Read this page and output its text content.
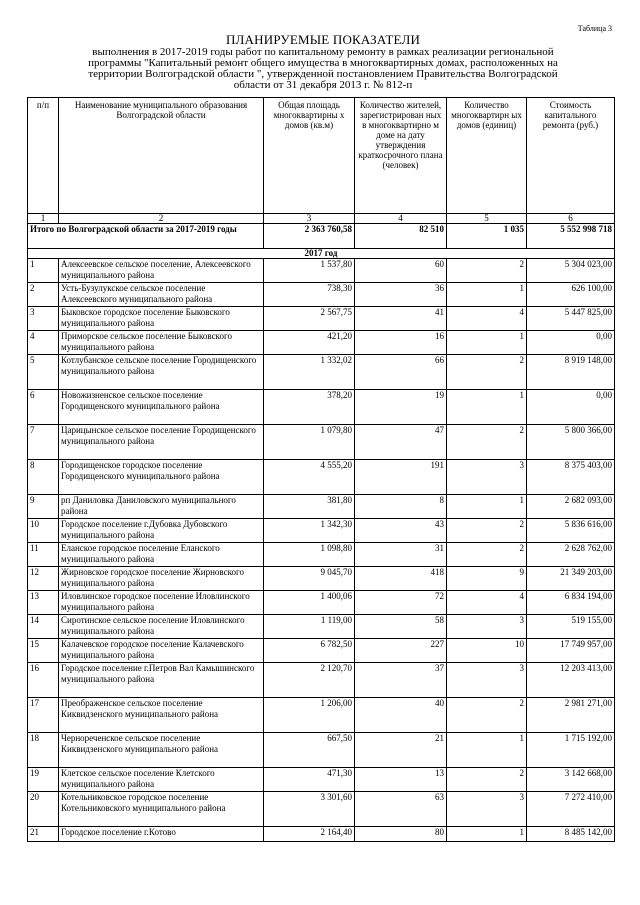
Таблица 3
ПЛАНИРУЕМЫЕ ПОКАЗАТЕЛИ
выполнения в 2017-2019 годы работ по капитальному ремонту в рамках реализации региональной
программы "Капитальный ремонт общего имущества в многоквартирных домах, расположенных на
территории Волгоградской области ", утвержденной постановлением Правительства Волгоградской
области от 31 декабря 2013 г. № 812-п
п/п	Наименование муниципального образования Волгоградской области	Общая площадь многоквартирны х домов (кв.м)	Количество жителей, зарегистрирован ных в многоквартирно м доме на дату утверждения краткосрочного плана (человек)	Количество многоквартирн ых домов (единиц)	Стоимость капитального ремонта (руб.)
1	2	3	4	5	6
Итого по Волгоградской области за 2017-2019 годы		2 363 760,58	82 510	1 035	5 552 998 718
2017 год					
1	Алексеевское сельское поселение, Алексеевского муниципального района	1 537,80	60	2	5 304 023,00
2	Усть-Бузулукское сельское поселение Алексеевского муниципального района	738,30	36	1	626 100,00
3	Быковское городское поселение Быковского муниципального района	2 567,75	41	4	5 447 825,00
4	Приморское сельское поселение Быковского муниципального района	421,20	16	1	0,00
5	Котлубанское сельское поселение Городищенского муниципального района	1 332,02	66	2	8 919 148,00
6	Новожизненское сельское поселение Городищенского муниципального района	378,20	19	1	0,00
7	Царицынское сельское поселение Городищенского муниципального района	1 079,80	47	2	5 800 366,00
8	Городищенское городское поселение Городищенского муниципального района	4 555,20	191	3	8 375 403,00
9	рп Даниловка Даниловского муниципального района	381,80	8	1	2 682 093,00
10	Городское поселение г.Дубовка Дубовского муниципального района	1 342,30	43	2	5 836 616,00
11	Еланское городское поселение Еланского муниципального района	1 098,80	31	2	2 628 762,00
12	Жирновское городское поселение Жирновского муниципального района	9 045,70	418	9	21 349 203,00
13	Иловлинское городское поселение Иловлинского муниципального района	1 400,06	72	4	6 834 194,00
14	Сиротинское сельское поселение Иловлинского муниципального района	1 119,00	58	3	519 155,00
15	Калачевское городское поселение Калачевского муниципального района	6 782,50	227	10	17 749 957,00
16	Городское поселение г.Петров Вал Камышинского муниципального района	2 120,70	37	3	12 203 413,00
17	Преображенское сельское поселение Киквидзенского муниципального района	1 206,00	40	2	2 981 271,00
18	Чернореченское сельское поселение Киквидзенского муниципального района	667,50	21	1	1 715 192,00
19	Клетское сельское поселение Клетского муниципального района	471,30	13	2	3 142 668,00
20	Котельниковское городское поселение Котельниковского муниципального района	3 301,60	63	3	7 272 410,00
21	Городское поселение г.Котово	2 164,40	80	1	8 485 142,00
